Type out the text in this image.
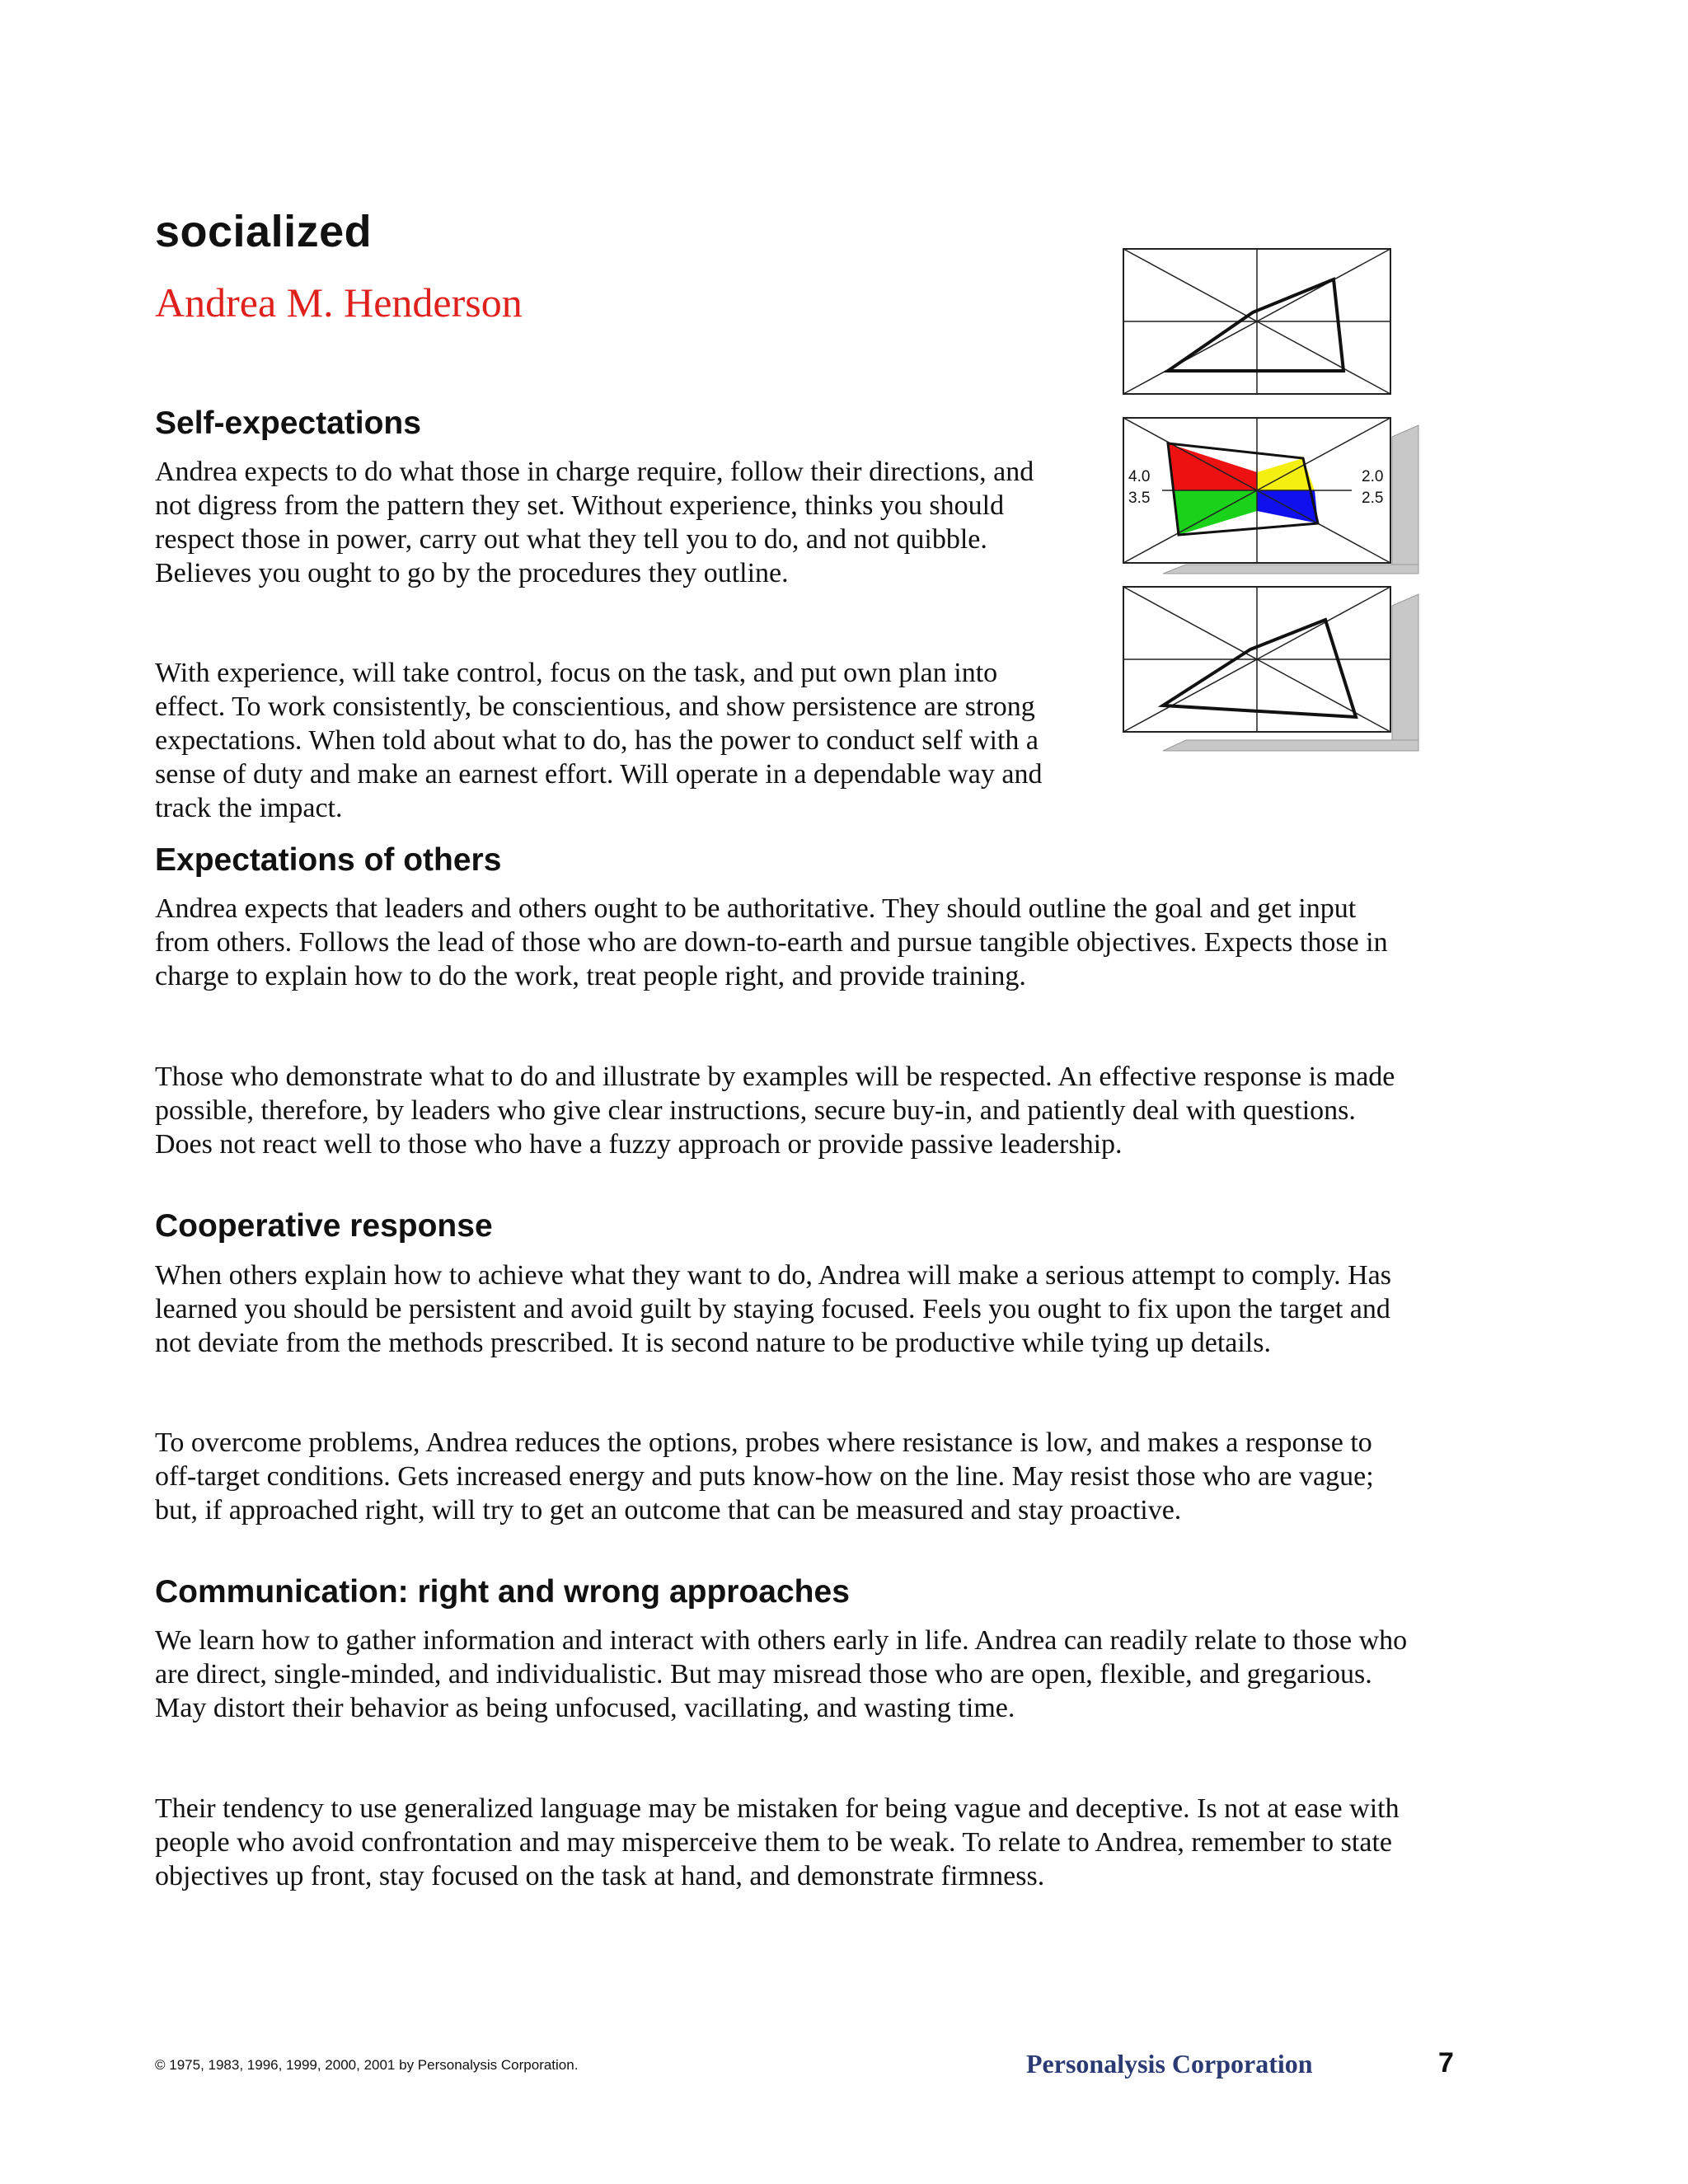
socialized
Andrea M. Henderson
Self-expectations

Andrea expects to do what those in charge require, follow their directions, and not digress from the pattern they set. Without experience, thinks you should respect those in power, carry out what they tell you to do, and not quibble. Believes you ought to go by the procedures they outline.

With experience, will take control, focus on the task, and put own plan into effect. To work consistently, be conscientious, and show persistence are strong expectations. When told about what to do, has the power to conduct self with a sense of duty and make an earnest effort. Will operate in a dependable way and track the impact.

Expectations of others

Andrea expects that leaders and others ought to be authoritative. They should outline the goal and get input from others. Follows the lead of those who are down-to-earth and pursue tangible objectives. Expects those in charge to explain how to do the work, treat people right, and provide training.

Those who demonstrate what to do and illustrate by examples will be respected. An effective response is made possible, therefore, by leaders who give clear instructions, secure buy-in, and patiently deal with questions. Does not react well to those who have a fuzzy approach or provide passive leadership.

Cooperative response

When others explain how to achieve what they want to do, Andrea will make a serious attempt to comply. Has learned you should be persistent and avoid guilt by staying focused. Feels you ought to fix upon the target and not deviate from the methods prescribed. It is second nature to be productive while tying up details.

To overcome problems, Andrea reduces the options, probes where resistance is low, and makes a response to off-target conditions. Gets increased energy and puts know-how on the line. May resist those who are vague; but, if approached right, will try to get an outcome that can be measured and stay proactive.

Communication: right and wrong approaches

We learn how to gather information and interact with others early in life. Andrea can readily relate to those who are direct, single-minded, and individualistic. But may misread those who are open, flexible, and gregarious. May distort their behavior as being unfocused, vacillating, and wasting time.

Their tendency to use generalized language may be mistaken for being vague and deceptive. Is not at ease with people who avoid confrontation and may misperceive them to be weak. To relate to Andrea, remember to state objectives up front, stay focused on the task at hand, and demonstrate firmness.

4.0
3.5
2.0
2.5
© 1975, 1983, 1996, 1999, 2000, 2001 by Personalysis Corporation.	Personalysis Corporation	7
